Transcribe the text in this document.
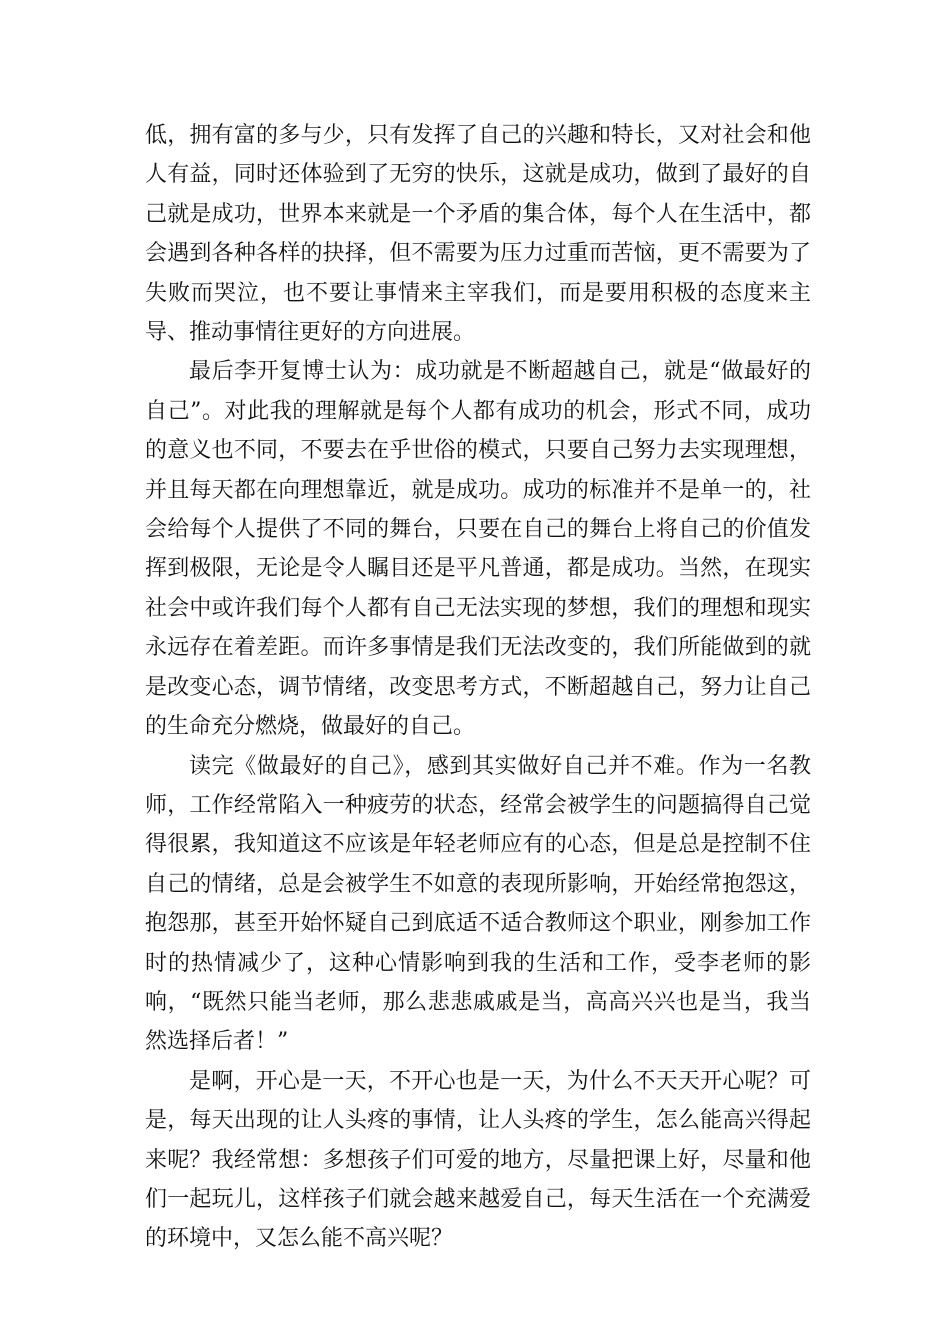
低，拥有富的多与少，只有发挥了自己的兴趣和特长，又对社会和他人有益，同时还体验到了无穷的快乐，这就是成功，做到了最好的自己就是成功，世界本来就是一个矛盾的集合体，每个人在生活中，都会遇到各种各样的抉择，但不需要为压力过重而苦恼，更不需要为了失败而哭泣，也不要让事情来主宰我们，而是要用积极的态度来主导、推动事情往更好的方向进展。

最后李开复博士认为：成功就是不断超越自己，就是“做最好的自己”。对此我的理解就是每个人都有成功的机会，形式不同，成功的意义也不同，不要去在乎世俗的模式，只要自己努力去实现理想，并且每天都在向理想靠近，就是成功。成功的标准并不是单一的，社会给每个人提供了不同的舞台，只要在自己的舞台上将自己的价值发挥到极限，无论是令人瞩目还是平凡普通，都是成功。当然，在现实社会中或许我们每个人都有自己无法实现的梦想，我们的理想和现实永远存在着差距。而许多事情是我们无法改变的，我们所能做到的就是改变心态，调节情绪，改变思考方式，不断超越自己，努力让自己的生命充分燃烧，做最好的自己。

读完《做最好的自己》，感到其实做好自己并不难。作为一名教师，工作经常陷入一种疲劳的状态，经常会被学生的问题搞得自己觉得很累，我知道这不应该是年轻老师应有的心态，但是总是控制不住自己的情绪，总是会被学生不如意的表现所影响，开始经常抱怨这，抱怨那，甚至开始怀疑自己到底适不适合教师这个职业，刚参加工作时的热情减少了，这种心情影响到我的生活和工作，受李老师的影响，“既然只能当老师，那么悲悲戚戚是当，高高兴兴也是当，我当然选择后者！”

是啊，开心是一天，不开心也是一天，为什么不天天开心呢？可是，每天出现的让人头疼的事情，让人头疼的学生，怎么能高兴得起来呢？我经常想：多想孩子们可爱的地方，尽量把课上好，尽量和他们一起玩儿，这样孩子们就会越来越爱自己，每天生活在一个充满爱的环境中，又怎么能不高兴呢？
